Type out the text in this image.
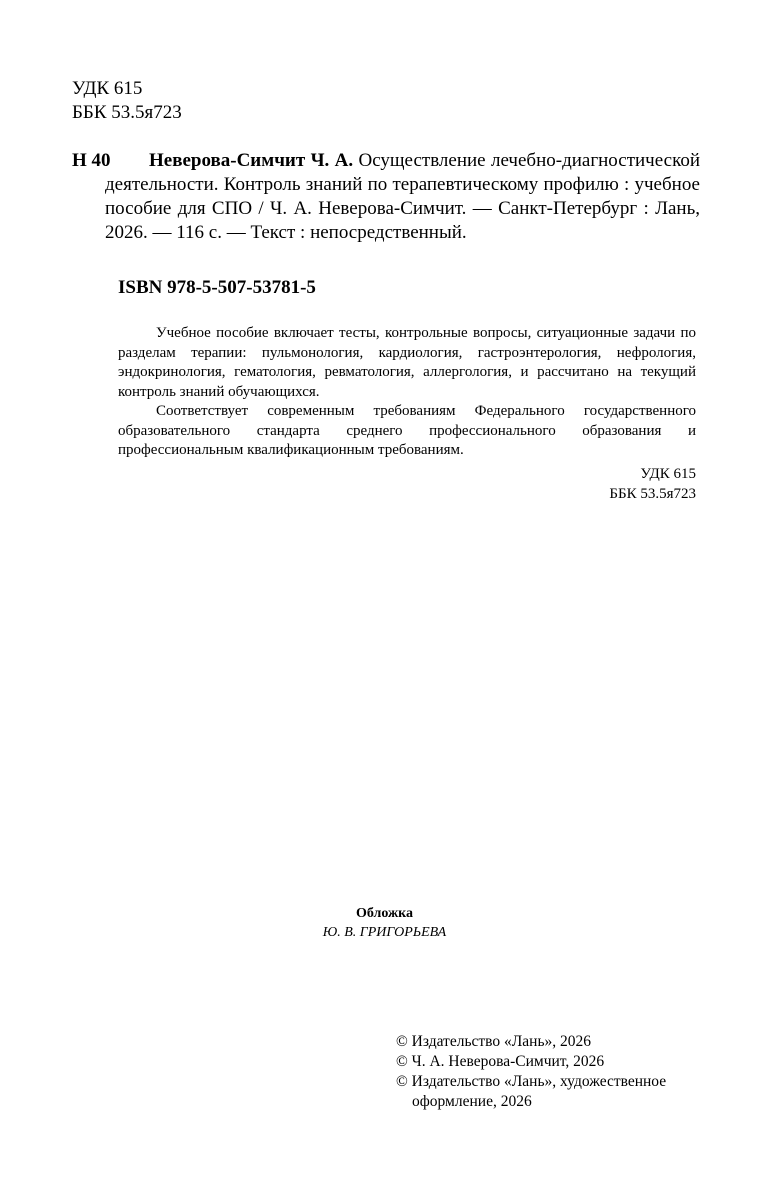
УДК 615
ББК 53.5я723
Н 40	Неверова-Симчит Ч. А. Осуществление лечебно-диагностической деятельности. Контроль знаний по терапевтическому профилю : учебное пособие для СПО / Ч. А. Неверова-Симчит. — Санкт-Петербург : Лань, 2026. — 116 с. — Текст : непосредственный.
ISBN 978-5-507-53781-5

Учебное пособие включает тесты, контрольные вопросы, ситуационные задачи по разделам терапии: пульмонология, кардиология, гастроэнтерология, нефрология, эндокринология, гематология, ревматология, аллергология, и рассчитано на текущий контроль знаний обучающихся.

Соответствует современным требованиям Федерального государственного образовательного стандарта среднего профессионального образования и профессиональным квалификационным требованиям.

УДК 615
ББК 53.5я723
Обложка
Ю. В. ГРИГОРЬЕВА
© Издательство «Лань», 2026
© Ч. А. Неверова-Симчит, 2026
© Издательство «Лань», художественное оформление, 2026
